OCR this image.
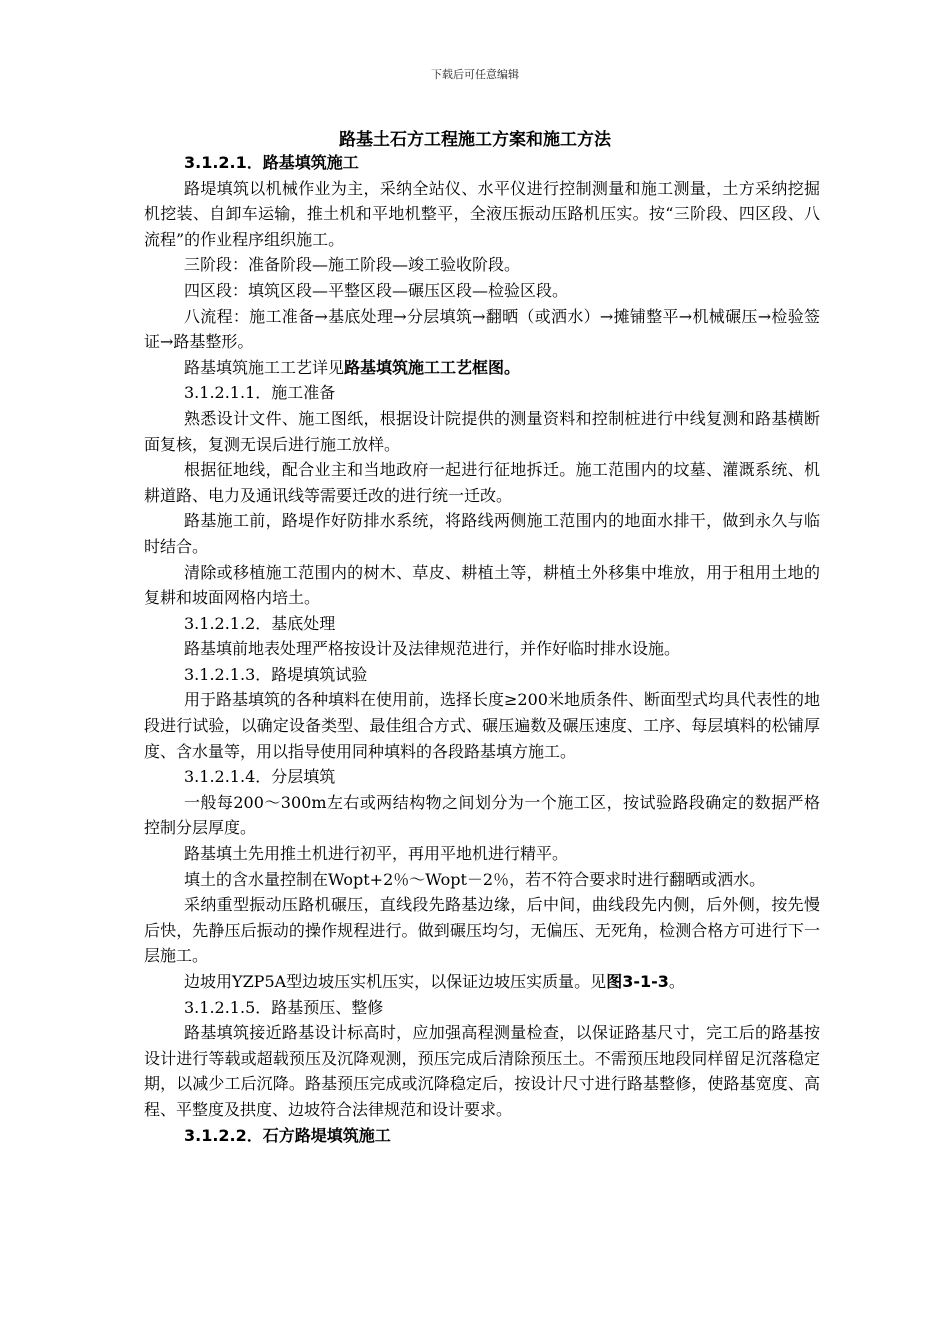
下载后可任意编辑
路基土石方工程施工方案和施工方法

3.1.2.1．路基填筑施工

路堤填筑以机械作业为主，采纳全站仪、水平仪进行控制测量和施工测量，土方采纳挖掘机挖装、自卸车运输，推土机和平地机整平，全液压振动压路机压实。按“三阶段、四区段、八流程”的作业程序组织施工。

三阶段：准备阶段—施工阶段—竣工验收阶段。

四区段：填筑区段—平整区段—碾压区段—检验区段。

八流程：施工准备→基底处理→分层填筑→翻晒（或洒水）→摊铺整平→机械碾压→检验签证→路基整形。

路基填筑施工工艺详见路基填筑施工工艺框图。

3.1.2.1.1．施工准备

熟悉设计文件、施工图纸，根据设计院提供的测量资料和控制桩进行中线复测和路基横断面复核，复测无误后进行施工放样。

根据征地线，配合业主和当地政府一起进行征地拆迁。施工范围内的坟墓、灌溉系统、机耕道路、电力及通讯线等需要迁改的进行统一迁改。

路基施工前，路堤作好防排水系统，将路线两侧施工范围内的地面水排干，做到永久与临时结合。

清除或移植施工范围内的树木、草皮、耕植土等，耕植土外移集中堆放，用于租用土地的复耕和坡面网格内培土。

3.1.2.1.2．基底处理

路基填前地表处理严格按设计及法律规范进行，并作好临时排水设施。

3.1.2.1.3．路堤填筑试验

用于路基填筑的各种填料在使用前，选择长度≥200米地质条件、断面型式均具代表性的地段进行试验，以确定设备类型、最佳组合方式、碾压遍数及碾压速度、工序、每层填料的松铺厚度、含水量等，用以指导使用同种填料的各段路基填方施工。

3.1.2.1.4．分层填筑

一般每200～300m左右或两结构物之间划分为一个施工区，按试验路段确定的数据严格控制分层厚度。

路基填土先用推土机进行初平，再用平地机进行精平。

填土的含水量控制在Wopt+2％～Wopt－2％，若不符合要求时进行翻晒或洒水。

采纳重型振动压路机碾压，直线段先路基边缘，后中间，曲线段先内侧，后外侧，按先慢后快，先静压后振动的操作规程进行。做到碾压均匀，无偏压、无死角，检测合格方可进行下一层施工。

边坡用YZP5A型边坡压实机压实，以保证边坡压实质量。见图3-1-3。

3.1.2.1.5．路基预压、整修

路基填筑接近路基设计标高时，应加强高程测量检查，以保证路基尺寸，完工后的路基按设计进行等载或超载预压及沉降观测，预压完成后清除预压土。不需预压地段同样留足沉落稳定期，以减少工后沉降。路基预压完成或沉降稳定后，按设计尺寸进行路基整修，使路基宽度、高程、平整度及拱度、边坡符合法律规范和设计要求。

3.1.2.2．石方路堤填筑施工
